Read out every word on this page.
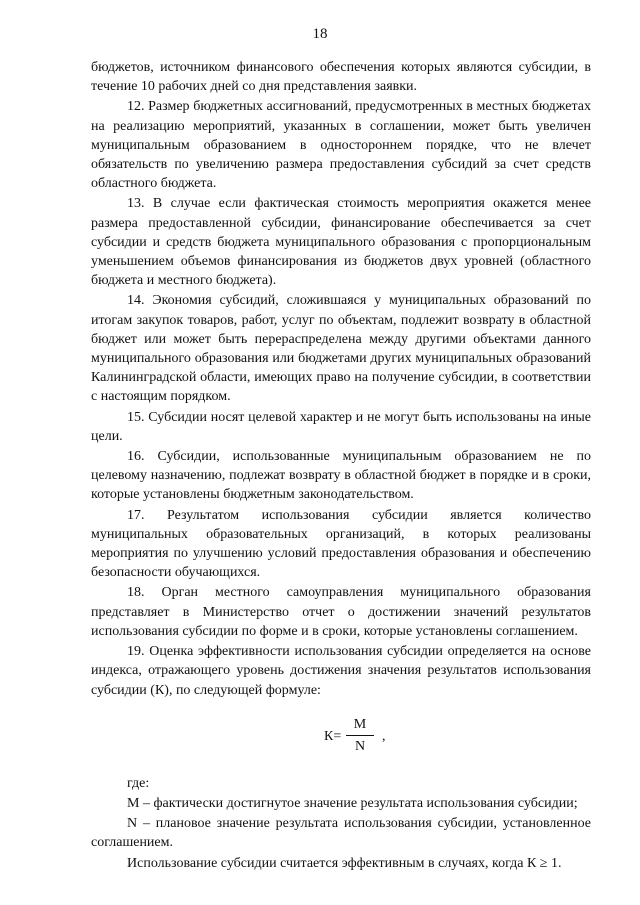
18

бюджетов, источником финансового обеспечения которых являются субсидии, в течение 10 рабочих дней со дня представления заявки.

12. Размер бюджетных ассигнований, предусмотренных в местных бюджетах на реализацию мероприятий, указанных в соглашении, может быть увеличен муниципальным образованием в одностороннем порядке, что не влечет обязательств по увеличению размера предоставления субсидий за счет средств областного бюджета.

13. В случае если фактическая стоимость мероприятия окажется менее размера предоставленной субсидии, финансирование обеспечивается за счет субсидии и средств бюджета муниципального образования с пропорциональным уменьшением объемов финансирования из бюджетов двух уровней (областного бюджета и местного бюджета).

14. Экономия субсидий, сложившаяся у муниципальных образований по итогам закупок товаров, работ, услуг по объектам, подлежит возврату в областной бюджет или может быть перераспределена между другими объектами данного муниципального образования или бюджетами других муниципальных образований Калининградской области, имеющих право на получение субсидии, в соответствии с настоящим порядком.

15. Субсидии носят целевой характер и не могут быть использованы на иные цели.

16. Субсидии, использованные муниципальным образованием не по целевому назначению, подлежат возврату в областной бюджет в порядке и в сроки, которые установлены бюджетным законодательством.

17. Результатом использования субсидии является количество муниципальных образовательных организаций, в которых реализованы мероприятия по улучшению условий предоставления образования и обеспечению безопасности обучающихся.

18. Орган местного самоуправления муниципального образования представляет в Министерство отчет о достижении значений результатов использования субсидии по форме и в сроки, которые установлены соглашением.

19. Оценка эффективности использования субсидии определяется на основе индекса, отражающего уровень достижения значения результатов использования субсидии (К), по следующей формуле:

К=
M
N
,

где:

М – фактически достигнутое значение результата использования субсидии;

N – плановое значение результата использования субсидии, установленное соглашением.

Использование субсидии считается эффективным в случаях, когда К ≥ 1.
